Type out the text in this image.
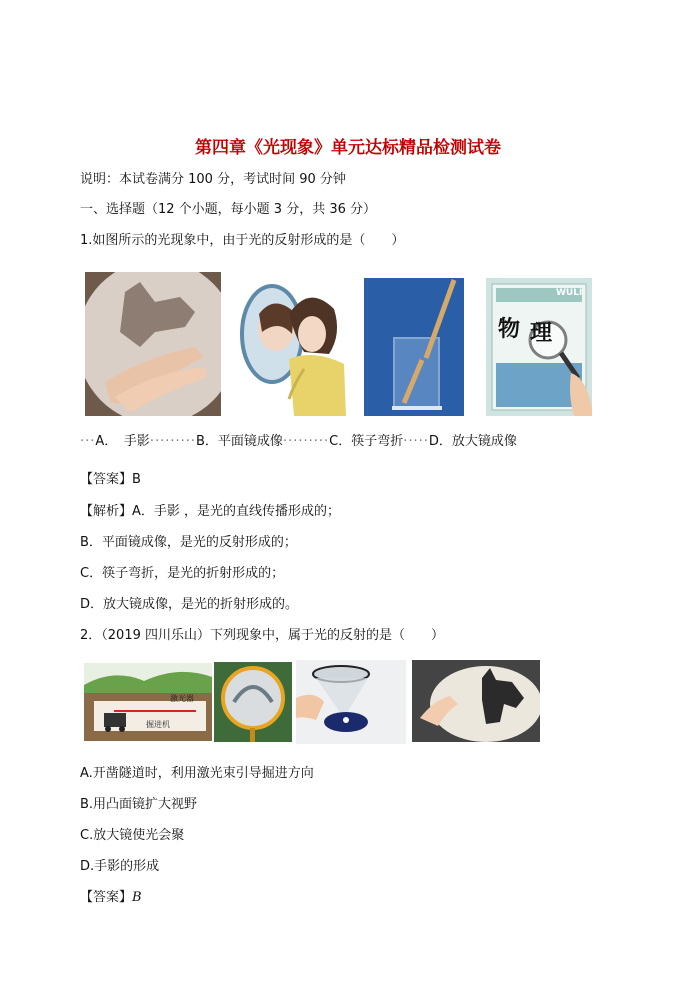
第四章《光现象》单元达标精品检测试卷
说明：本试卷满分 100 分，考试时间 90 分钟
一、选择题（12 个小题，每小题 3 分，共 36 分）
1.如图所示的光现象中，由于光的反射形成的是（　　）
物 理
WULI
···A．　手影·········B．平面镜成像·········C．筷子弯折·····D．放大镜成像
【答案】B
【解析】A．手影 ，是光的直线传播形成的；
B．平面镜成像，是光的反射形成的；
C．筷子弯折，是光的折射形成的；
D．放大镜成像，是光的折射形成的。
2．（2019 四川乐山）下列现象中，属于光的反射的是（　　）
激光器
掘进机
A.开凿隧道时，利用激光束引导掘进方向
B.用凸面镜扩大视野
C.放大镜使光会聚
D.手影的形成
【答案】B
